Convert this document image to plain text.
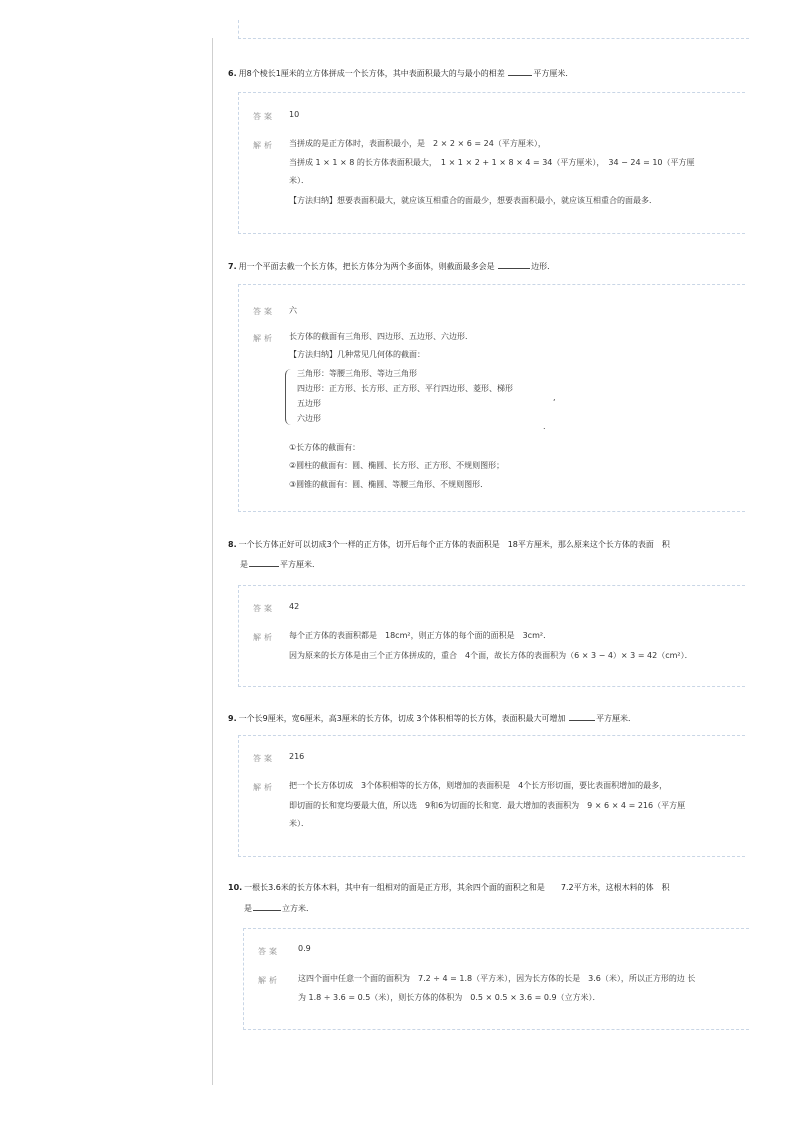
6. 用8个棱长1厘米的立方体拼成一个长方体，其中表面积最大的与最小的相差	平方厘米．
答案 10
解析 当拼成的是正方体时，表面积最小，是　2 × 2 × 6 = 24（平方厘米），
当拼成 1 × 1 × 8 的长方体表面积最大，　1 × 1 × 2 + 1 × 8 × 4 = 34（平方厘米），　34 − 24 = 10（平方厘
米）．
【方法归纳】想要表面积最大，就应该互相重合的面最少，想要表面积最小，就应该互相重合的面最多．
7. 用一个平面去截一个长方体，把长方体分为两个多面体，则截面最多会是	边形．
答案 六
解析 长方体的截面有三角形、四边形、五边形、六边形．
【方法归纳】几种常见几何体的截面：
三角形：等腰三角形、等边三角形
四边形：正方形、长方形、正方形、平行四边形、菱形、梯形
五边形
六边形
,
.
①长方体的截面有：
②圆柱的截面有：圆、椭圆、长方形、正方形、不规则图形；
③圆锥的截面有：圆、椭圆、等腰三角形、不规则图形．
8. 一个长方体正好可以切成3个一样的正方体，切开后每个正方体的表面积是　18平方厘米，那么原来这个长方体的表面　积
是	平方厘米．
答案 42
解析 每个正方体的表面积都是　18cm²，则正方体的每个面的面积是　3cm²．
因为原来的长方体是由三个正方体拼成的，重合　4个面，故长方体的表面积为（6 × 3 − 4）× 3 = 42（cm²）．
9. 一个长9厘米，宽6厘米，高3厘米的长方体，切成 3个体积相等的长方体，表面积最大可增加	平方厘米．
答案 216
解析 把一个长方体切成　3个体积相等的长方体，则增加的表面积是　4个长方形切面，要比表面积增加的最多，
即切面的长和宽均要最大值，所以选　9和6为切面的长和宽．最大增加的表面积为　9 × 6 × 4 = 216（平方厘
米）．
10. 一根长3.6米的长方体木料，其中有一组相对的面是正方形，其余四个面的面积之和是　　7.2平方米，这根木料的体　积
是	立方米．
答案 0.9
解析 这四个面中任意一个面的面积为　7.2 ÷ 4 = 1.8（平方米），因为长方体的长是　3.6（米），所以正方形的边 长
为 1.8 ÷ 3.6 = 0.5（米），则长方体的体积为　0.5 × 0.5 × 3.6 = 0.9（立方米）．
